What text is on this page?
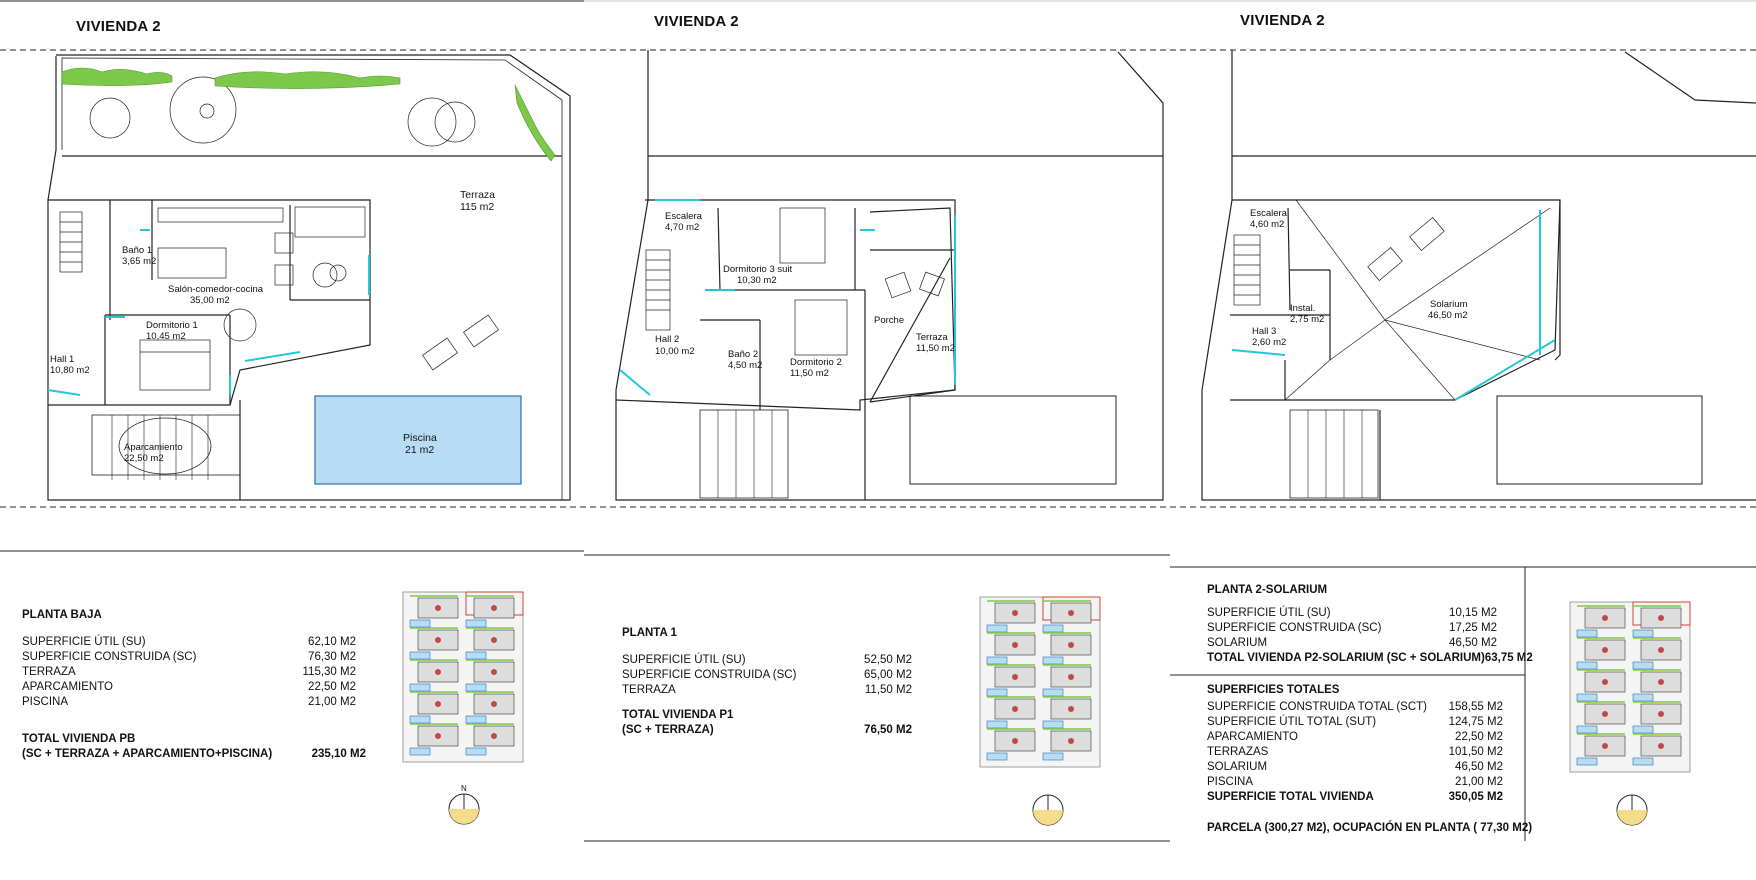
VIVIENDA 2	VIVIENDA 2	VIVIENDA 2
Terraza
115 m2
Baño 1
3,65 m2
Salón-comedor-cocina
35,00 m2
Dormitorio 1
10,45 m2
Hall 1
10,80 m2
Aparcamiento
22,50 m2
Piscina
21 m2
Escalera
4,70 m2
Dormitorio 3 suit
10,30 m2
Hall 2
10,00 m2	Baño 2
4,50 m2	Dormitorio 2
11,50 m2
Porche
Terraza
11,50 m2
Escalera
4,60 m2
Solarium
46,50 m2
Instal.
2,75 m2
Hall 3
2,60 m2
PLANTA BAJA
SUPERFICIE ÚTIL (SU)	62,10 M2
SUPERFICIE CONSTRUIDA (SC)	76,30 M2
TERRAZA	115,30 M2
APARCAMIENTO	22,50 M2
PISCINA	21,00 M2
TOTAL VIVIENDA PB
(SC + TERRAZA + APARCAMIENTO+PISCINA)	235,10 M2
PLANTA 1
SUPERFICIE ÚTIL (SU)	52,50 M2
SUPERFICIE CONSTRUIDA (SC)	65,00 M2
TERRAZA	11,50 M2
TOTAL VIVIENDA P1
(SC + TERRAZA)	76,50 M2
PLANTA 2-SOLARIUM
SUPERFICIE ÚTIL (SU)	10,15 M2
SUPERFICIE CONSTRUIDA (SC)	17,25 M2
SOLARIUM	46,50 M2
TOTAL VIVIENDA P2-SOLARIUM (SC + SOLARIUM) 63,75 M2
SUPERFICIES TOTALES
SUPERFICIE CONSTRUIDA TOTAL (SCT) 158,55 M2
SUPERFICIE ÚTIL TOTAL (SUT)	124,75 M2
APARCAMIENTO	22,50 M2
TERRAZAS	101,50 M2
SOLARIUM	46,50 M2
PISCINA	21,00 M2
SUPERFICIE TOTAL VIVIENDA	350,05 M2
PARCELA (300,27 M2), OCUPACIÓN EN PLANTA ( 77,30 M2)
N
